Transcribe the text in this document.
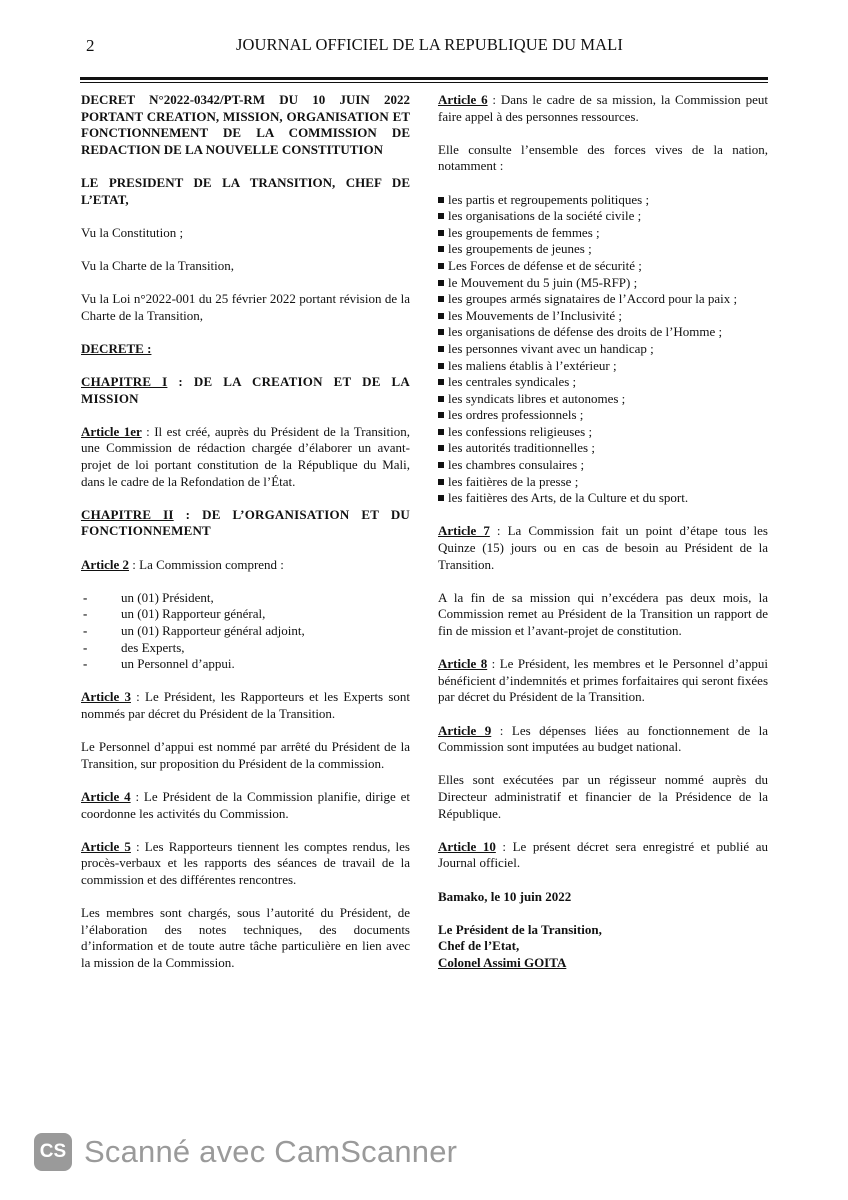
2	JOURNAL OFFICIEL DE LA REPUBLIQUE DU MALI

DECRET N°2022-0342/PT-RM DU 10 JUIN 2022 PORTANT CREATION, MISSION, ORGANISATION ET FONCTIONNEMENT DE LA COMMISSION DE REDACTION DE LA NOUVELLE CONSTITUTION

LE PRESIDENT DE LA TRANSITION, CHEF DE L’ETAT,

Vu la Constitution ;

Vu la Charte de la Transition,

Vu la Loi n°2022-001 du 25 février 2022 portant révision de la Charte de la Transition,

DECRETE :

CHAPITRE I : DE LA CREATION ET DE LA MISSION

Article 1er : Il est créé, auprès du Président de la Transition, une Commission de rédaction chargée d’élaborer un avant-projet de loi portant constitution de la République du Mali, dans le cadre de la Refondation de l’État.

CHAPITRE II : DE L’ORGANISATION ET DU FONCTIONNEMENT

Article 2 : La Commission comprend :

-	un (01) Président,
-	un (01) Rapporteur général,
-	un (01) Rapporteur général adjoint,
-	des Experts,
-	un Personnel d’appui.

Article 3 : Le Président, les Rapporteurs et les Experts sont nommés par décret du Président de la Transition.

Le Personnel d’appui est nommé par arrêté du Président de la Transition, sur proposition du Président de la commission.

Article 4 : Le Président de la Commission planifie, dirige et coordonne les activités du Commission.

Article 5 : Les Rapporteurs tiennent les comptes rendus, les procès-verbaux et les rapports des séances de travail de la commission et des différentes rencontres.

Les membres sont chargés, sous l’autorité du Président, de l’élaboration des notes techniques, des documents d’information et de toute autre tâche particulière en lien avec la mission de la Commission.

Article 6 : Dans le cadre de sa mission, la Commission peut faire appel à des personnes ressources.

Elle consulte l’ensemble des forces vives de la nation, notamment :

les partis et regroupements politiques ;
les organisations de la société civile ;
les groupements de femmes ;
les groupements de jeunes ;
Les Forces de défense et de sécurité ;
le Mouvement du 5 juin (M5-RFP) ;
les groupes armés signataires de l’Accord pour la paix ;
les Mouvements de l’Inclusivité ;
les organisations de défense des droits de l’Homme ;
les personnes vivant avec un handicap ;
les maliens établis à l’extérieur ;
les centrales syndicales ;
les syndicats libres et autonomes ;
les ordres professionnels ;
les confessions religieuses ;
les autorités traditionnelles ;
les chambres consulaires ;
les faitières de la presse ;
les faitières des Arts, de la Culture et du sport.

Article 7 : La Commission fait un point d’étape tous les Quinze (15) jours ou en cas de besoin au Président de la Transition.

A la fin de sa mission qui n’excédera pas deux mois, la Commission remet au Président de la Transition un rapport de fin de mission et l’avant-projet de constitution.

Article 8 : Le Président, les membres et le Personnel d’appui bénéficient d’indemnités et primes forfaitaires qui seront fixées par décret du Président de la Transition.

Article 9 : Les dépenses liées au fonctionnement de la Commission sont imputées au budget national.

Elles sont exécutées par un régisseur nommé auprès du Directeur administratif et financier de la Présidence de la République.

Article 10 : Le présent décret sera enregistré et publié au Journal officiel.

Bamako, le 10 juin 2022

Le Président de la Transition,

Chef de l’Etat,

Colonel Assimi GOITA

CS Scanné avec CamScanner
